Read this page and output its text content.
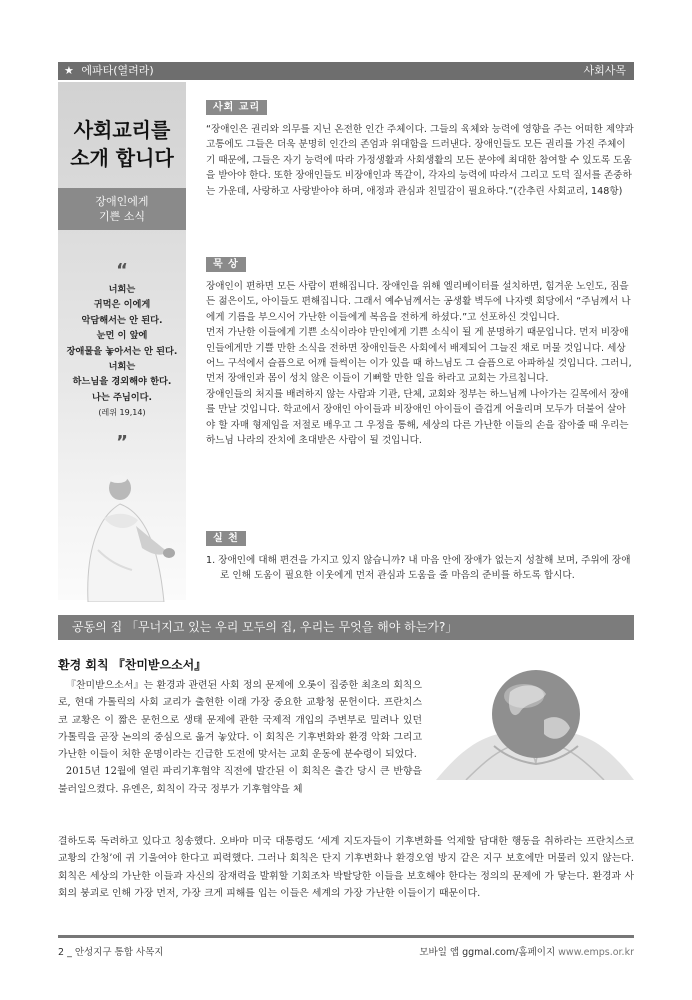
★ 에파타(열려라)	사회사목
사회교리를
소개 합니다
장애인에게
기쁜 소식
“
너희는
귀먹은 이에게
악담해서는 안 된다.
눈먼 이 앞에
장애물을 놓아서는 안 된다.
너희는
하느님을 경외해야 한다.
나는 주님이다.
(레위 19,14)
”
사회 교리
“장애인은 권리와 의무를 지닌 온전한 인간 주체이다. 그들의 육체와 능력에 영향을 주는 어떠한 제약과 고통에도 그들은 더욱 분명히 인간의 존엄과 위대함을 드러낸다. 장애인들도 모든 권리를 가진 주체이기 때문에, 그들은 자기 능력에 따라 가정생활과 사회생활의 모든 분야에 최대한 참여할 수 있도록 도움을 받아야 한다. 또한 장애인들도 비장애인과 똑같이, 각자의 능력에 따라서 그리고 도덕 질서를 존중하는 가운데, 사랑하고 사랑받아야 하며, 애정과 관심과 친밀감이 필요하다.”(간추린 사회교리, 148항)
묵 상

장애인이 편하면 모든 사람이 편해집니다. 장애인을 위해 엘리베이터를 설치하면, 힘겨운 노인도, 짐을 든 젊은이도, 아이들도 편해집니다. 그래서 예수님께서는 공생활 벽두에 나자렛 회당에서 “주님께서 나에게 기름을 부으시어 가난한 이들에게 복음을 전하게 하셨다.”고 선포하신 것입니다.

먼저 가난한 이들에게 기쁜 소식이라야 만인에게 기쁜 소식이 될 게 분명하기 때문입니다. 먼저 비장애인들에게만 기쁠 만한 소식을 전하면 장애인들은 사회에서 배제되어 그늘진 채로 머물 것입니다. 세상 어느 구석에서 슬픔으로 어깨 들썩이는 이가 있을 때 하느님도 그 슬픔으로 아파하실 것입니다. 그러니, 먼저 장애인과 몸이 성치 않은 이들이 기뻐할 만한 일을 하라고 교회는 가르칩니다.

장애인들의 처지를 배려하지 않는 사람과 기관, 단체, 교회와 정부는 하느님께 나아가는 길목에서 장애를 만날 것입니다. 학교에서 장애인 아이들과 비장애인 아이들이 즐겁게 어울리며 모두가 더불어 살아야 할 자매 형제임을 저절로 배우고 그 우정을 통해, 세상의 다른 가난한 이들의 손을 잡아줄 때 우리는 하느님 나라의 잔치에 초대받은 사람이 될 것입니다.

실 천
1. 장애인에 대해 편견을 가지고 있지 않습니까? 내 마음 안에 장애가 없는지 성찰해 보며, 주위에 장애로 인해 도움이 필요한 이웃에게 먼저 관심과 도움을 줄 마음의 준비를 하도록 합시다.
공동의 집 「무너지고 있는 우리 모두의 집, 우리는 무엇을 해야 하는가?」
환경 회칙 『찬미받으소서』

『찬미받으소서』는 환경과 관련된 사회 정의 문제에 오롯이 집중한 최초의 회칙으로, 현대 가톨릭의 사회 교리가 출현한 이래 가장 중요한 교황청 문헌이다. 프란치스코 교황은 이 짧은 문헌으로 생태 문제에 관한 국제적 개입의 주변부로 밀려나 있던 가톨릭을 곧장 논의의 중심으로 옮겨 놓았다. 이 회칙은 기후변화와 환경 악화 그리고 가난한 이들이 처한 운명이라는 긴급한 도전에 맞서는 교회 운동에 분수령이 되었다.

2015년 12월에 열린 파리기후협약 직전에 발간된 이 회칙은 출간 당시 큰 반향을 불러일으켰다. 유엔은, 회칙이 각국 정부가 기후협약을 체

결하도록 독려하고 있다고 칭송했다. 오바마 미국 대통령도 ‘세계 지도자들이 기후변화를 억제할 담대한 행동을 취하라는 프란치스코 교황의 간청’에 귀 기울여야 한다고 피력했다. 그러나 회칙은 단지 기후변화나 환경오염 방지 같은 지구 보호에만 머물러 있지 않는다. 회칙은 세상의 가난한 이들과 자신의 잠재력을 발휘할 기회조차 박탈당한 이들을 보호해야 한다는 정의의 문제에 가 닿는다. 환경과 사회의 붕괴로 인해 가장 먼저, 가장 크게 피해를 입는 이들은 세계의 가장 가난한 이들이기 때문이다.
2 _ 안성지구 통합 사목지	모바일 앱 ggmal.com/홈페이지 www.emps.or.kr
